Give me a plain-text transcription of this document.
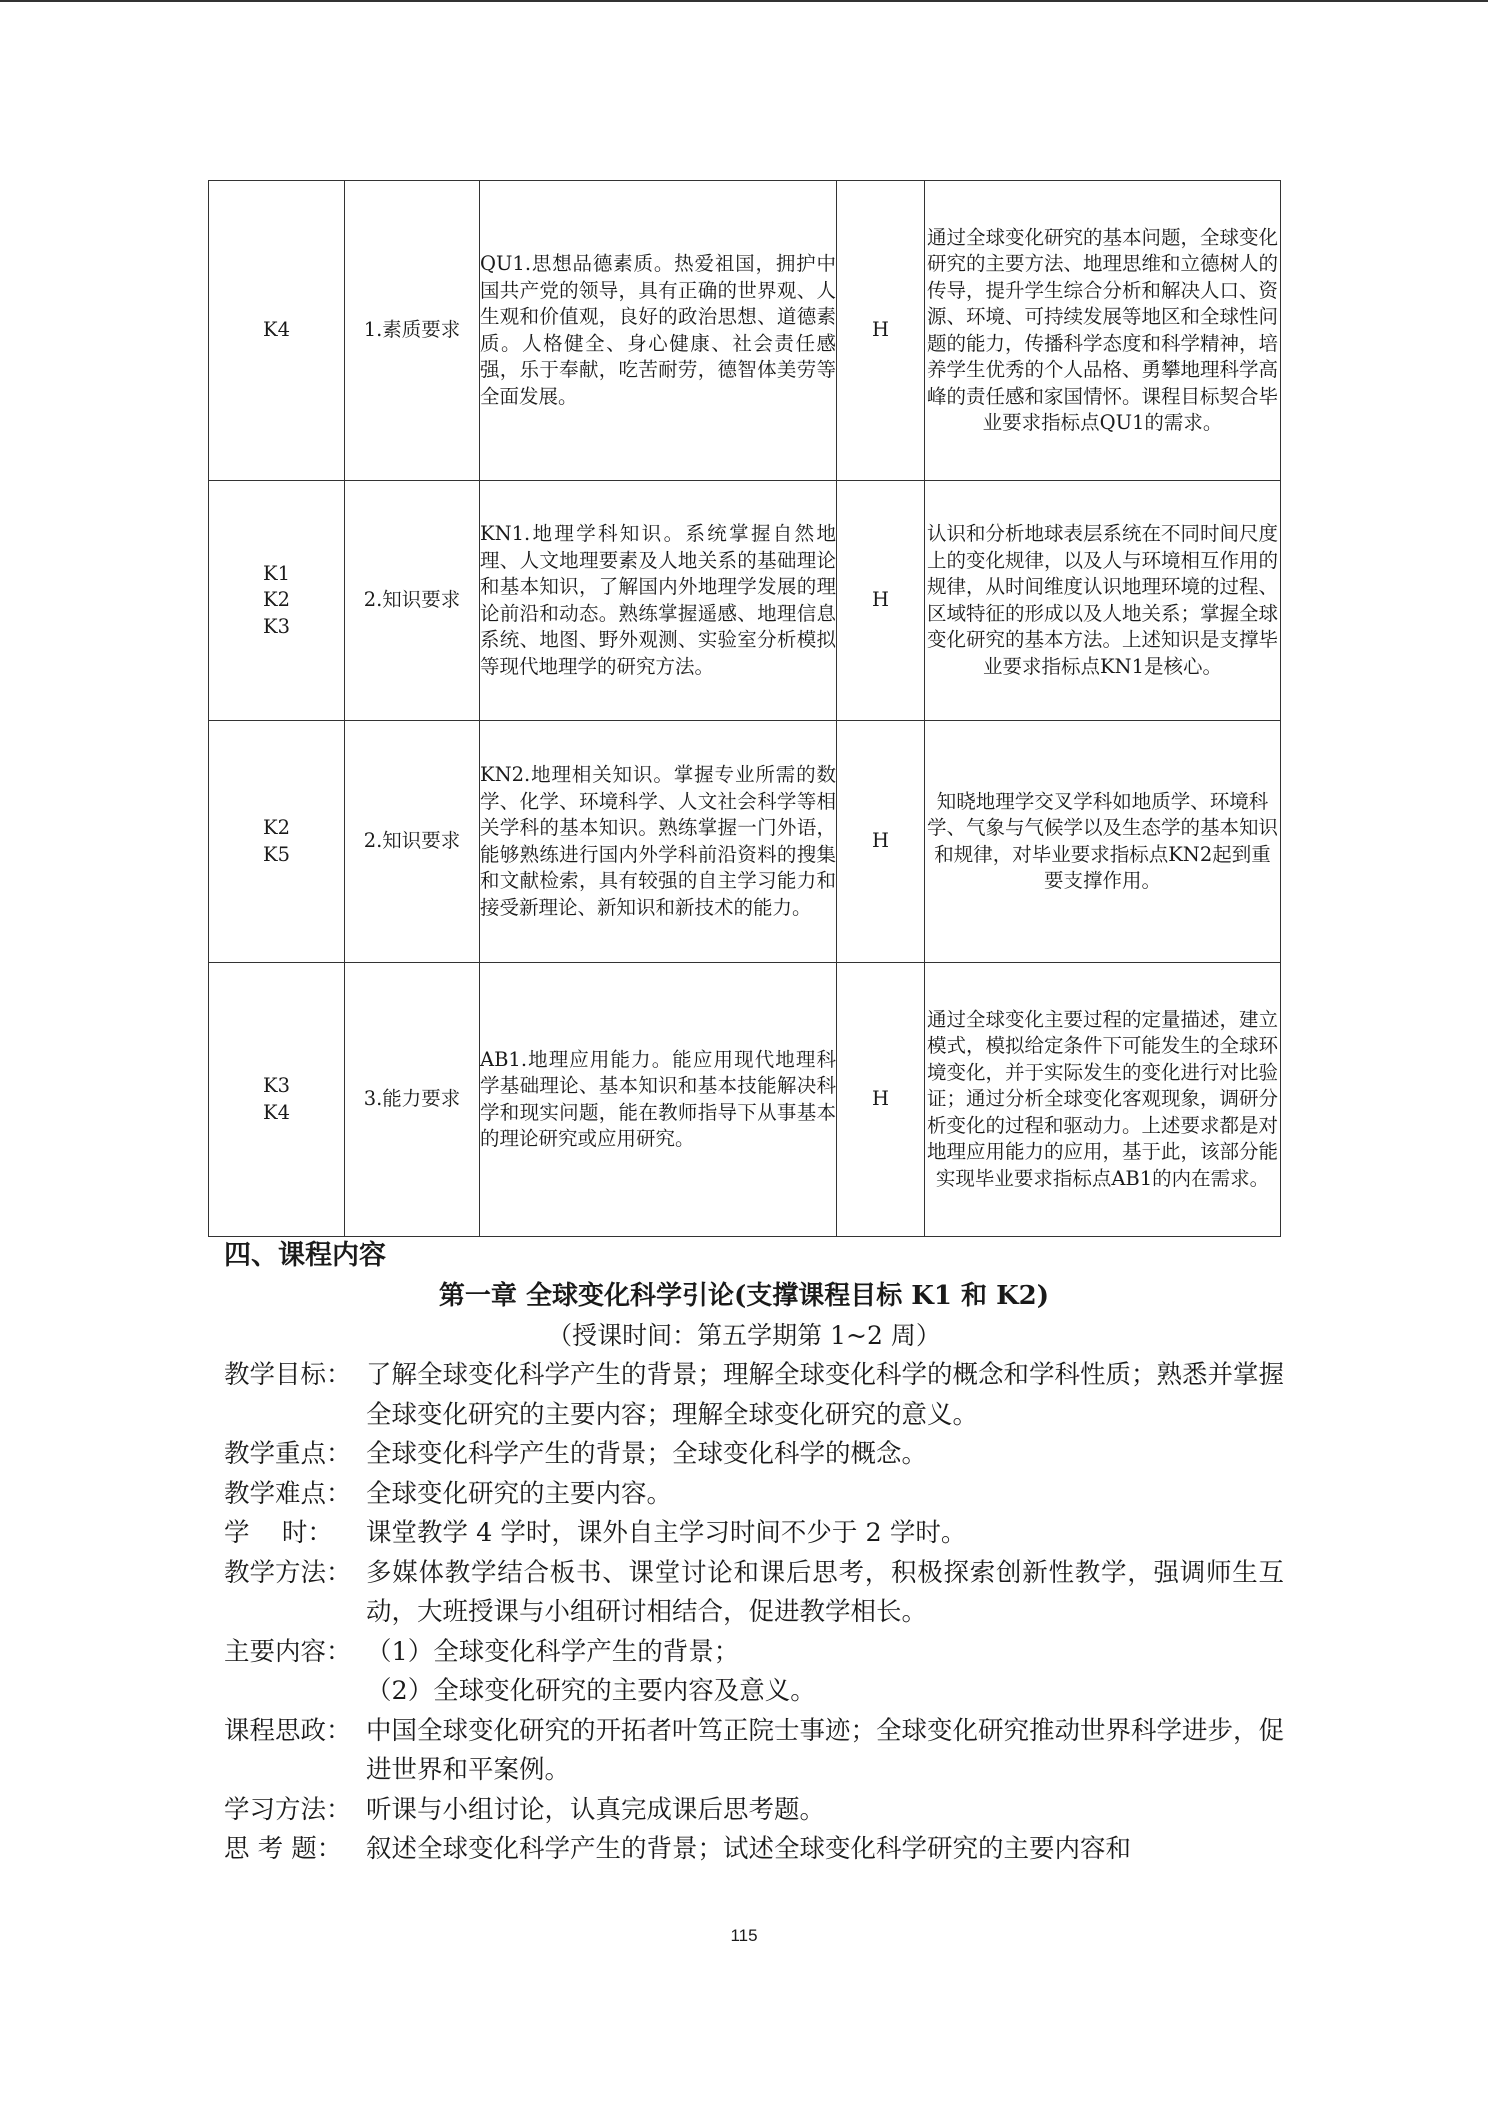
K4	1.素质要求	QU1.思想品德素质。热爱祖国，拥护中国共产党的领导，具有正确的世界观、人生观和价值观，良好的政治思想、道德素质。人格健全、身心健康、社会责任感强，乐于奉献，吃苦耐劳，德智体美劳等全面发展。	H	通过全球变化研究的基本问题，全球变化研究的主要方法、地理思维和立德树人的传导，提升学生综合分析和解决人口、资源、环境、可持续发展等地区和全球性问题的能力，传播科学态度和科学精神，培养学生优秀的个人品格、勇攀地理科学高峰的责任感和家国情怀。课程目标契合毕业要求指标点QU1的需求。

K1
K2
K3	2.知识要求	KN1.地理学科知识。系统掌握自然地理、人文地理要素及人地关系的基础理论和基本知识，了解国内外地理学发展的理论前沿和动态。熟练掌握遥感、地理信息系统、地图、野外观测、实验室分析模拟等现代地理学的研究方法。	H	认识和分析地球表层系统在不同时间尺度上的变化规律，以及人与环境相互作用的规律，从时间维度认识地理环境的过程、区域特征的形成以及人地关系；掌握全球变化研究的基本方法。上述知识是支撑毕业要求指标点KN1是核心。

K2
K5	2.知识要求	KN2.地理相关知识。掌握专业所需的数学、化学、环境科学、人文社会科学等相关学科的基本知识。熟练掌握一门外语，能够熟练进行国内外学科前沿资料的搜集和文献检索，具有较强的自主学习能力和接受新理论、新知识和新技术的能力。	H	知晓地理学交叉学科如地质学、环境科学、气象与气候学以及生态学的基本知识和规律，对毕业要求指标点KN2起到重要支撑作用。

K3
K4	3.能力要求	AB1.地理应用能力。能应用现代地理科学基础理论、基本知识和基本技能解决科学和现实问题，能在教师指导下从事基本的理论研究或应用研究。	H	通过全球变化主要过程的定量描述，建立模式，模拟给定条件下可能发生的全球环境变化，并于实际发生的变化进行对比验证；通过分析全球变化客观现象，调研分析变化的过程和驱动力。上述要求都是对地理应用能力的应用，基于此，该部分能实现毕业要求指标点AB1的内在需求。
四、课程内容
第一章 全球变化科学引论(支撑课程目标 K1 和 K2)
（授课时间：第五学期第 1~2 周）
教学目标： 了解全球变化科学产生的背景；理解全球变化科学的概念和学科性质；熟悉并掌握全球变化研究的主要内容；理解全球变化研究的意义。
教学重点： 全球变化科学产生的背景；全球变化科学的概念。
教学难点： 全球变化研究的主要内容。
学    时：	课堂教学 4 学时，课外自主学习时间不少于 2 学时。
教学方法： 多媒体教学结合板书、课堂讨论和课后思考，积极探索创新性教学，强调师生互动，大班授课与小组研讨相结合，促进教学相长。
主要内容： （1）全球变化科学产生的背景；
（2）全球变化研究的主要内容及意义。
课程思政： 中国全球变化研究的开拓者叶笃正院士事迹；全球变化研究推动世界科学进步，促进世界和平案例。
学习方法： 听课与小组讨论，认真完成课后思考题。
思 考 题： 叙述全球变化科学产生的背景；试述全球变化科学研究的主要内容和
115
